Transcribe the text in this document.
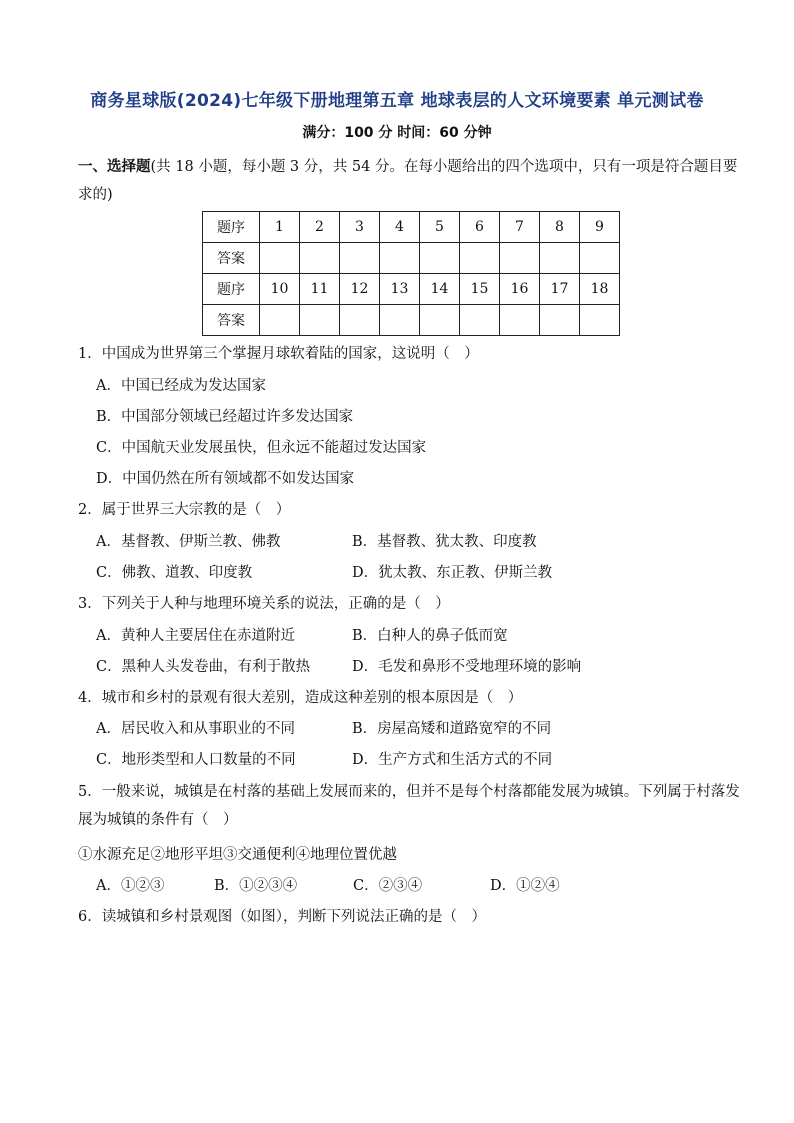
商务星球版(2024)七年级下册地理第五章 地球表层的人文环境要素 单元测试卷
满分：100 分 时间：60 分钟
一、选择题(共 18 小题，每小题 3 分，共 54 分。在每小题给出的四个选项中，只有一项是符合题目要求的)
题序	1	2	3	4	5	6	7	8	9
答案									
题序	10	11	12	13	14	15	16	17	18
答案									
1．中国成为世界第三个掌握月球软着陆的国家，这说明（　）
A．中国已经成为发达国家
B．中国部分领域已经超过许多发达国家
C．中国航天业发展虽快，但永远不能超过发达国家
D．中国仍然在所有领域都不如发达国家
2．属于世界三大宗教的是（　）
A．基督教、伊斯兰教、佛教	B．基督教、犹太教、印度教
C．佛教、道教、印度教	D．犹太教、东正教、伊斯兰教
3．下列关于人种与地理环境关系的说法，正确的是（　）
A．黄种人主要居住在赤道附近	B．白种人的鼻子低而宽
C．黑种人头发卷曲，有利于散热	D．毛发和鼻形不受地理环境的影响
4．城市和乡村的景观有很大差别，造成这种差别的根本原因是（　）
A．居民收入和从事职业的不同	B．房屋高矮和道路宽窄的不同
C．地形类型和人口数量的不同	D．生产方式和生活方式的不同
5．一般来说，城镇是在村落的基础上发展而来的，但并不是每个村落都能发展为城镇。下列属于村落发展为城镇的条件有（　）
①水源充足②地形平坦③交通便利④地理位置优越
A．①②③	B．①②③④	C．②③④	D．①②④
6．读城镇和乡村景观图（如图），判断下列说法正确的是（　）
